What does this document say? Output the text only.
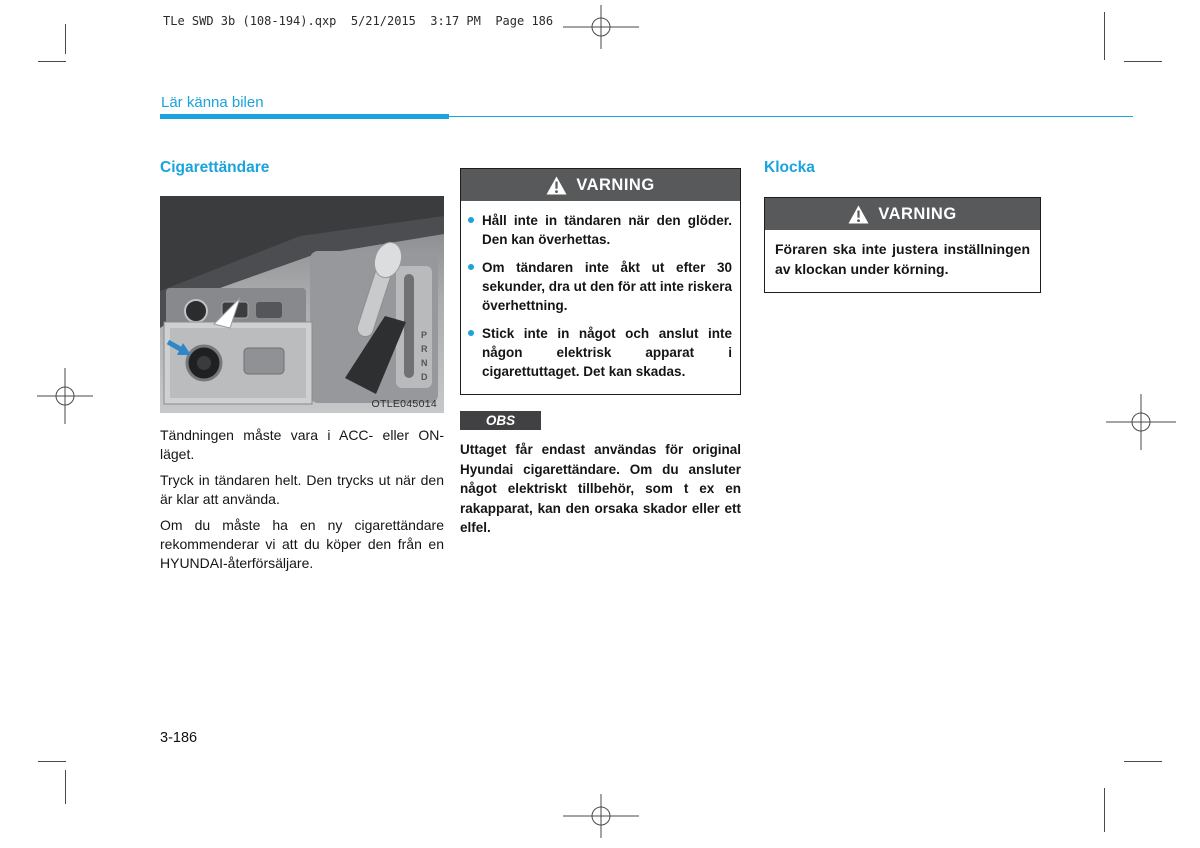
TLe SWD 3b (108-194).qxp  5/21/2015  3:17 PM  Page 186
Lär känna bilen
Cigarettändare
P
R
N
D
OTLE045014

Tändningen måste vara i ACC- eller ON-läget.

Tryck in tändaren helt. Den trycks ut när den är klar att använda.

Om du måste ha en ny cigarettändare rekommenderar vi att du köper den från en HYUNDAI-återförsäljare.

VARNING
Håll inte in tändaren när den glöder. Den kan överhettas.
Om tändaren inte åkt ut efter 30 sekunder, dra ut den för att inte riskera överhettning.
Stick inte in något och anslut inte någon elektrisk apparat i cigarettuttaget. Det kan skadas.
OBS

Uttaget får endast användas för original Hyundai cigarettändare. Om du ansluter något elektriskt tillbehör, som t ex en rakapparat, kan den orsaka skador eller ett elfel.

Klocka
VARNING

Föraren ska inte justera inställningen av klockan under körning.

3-186
